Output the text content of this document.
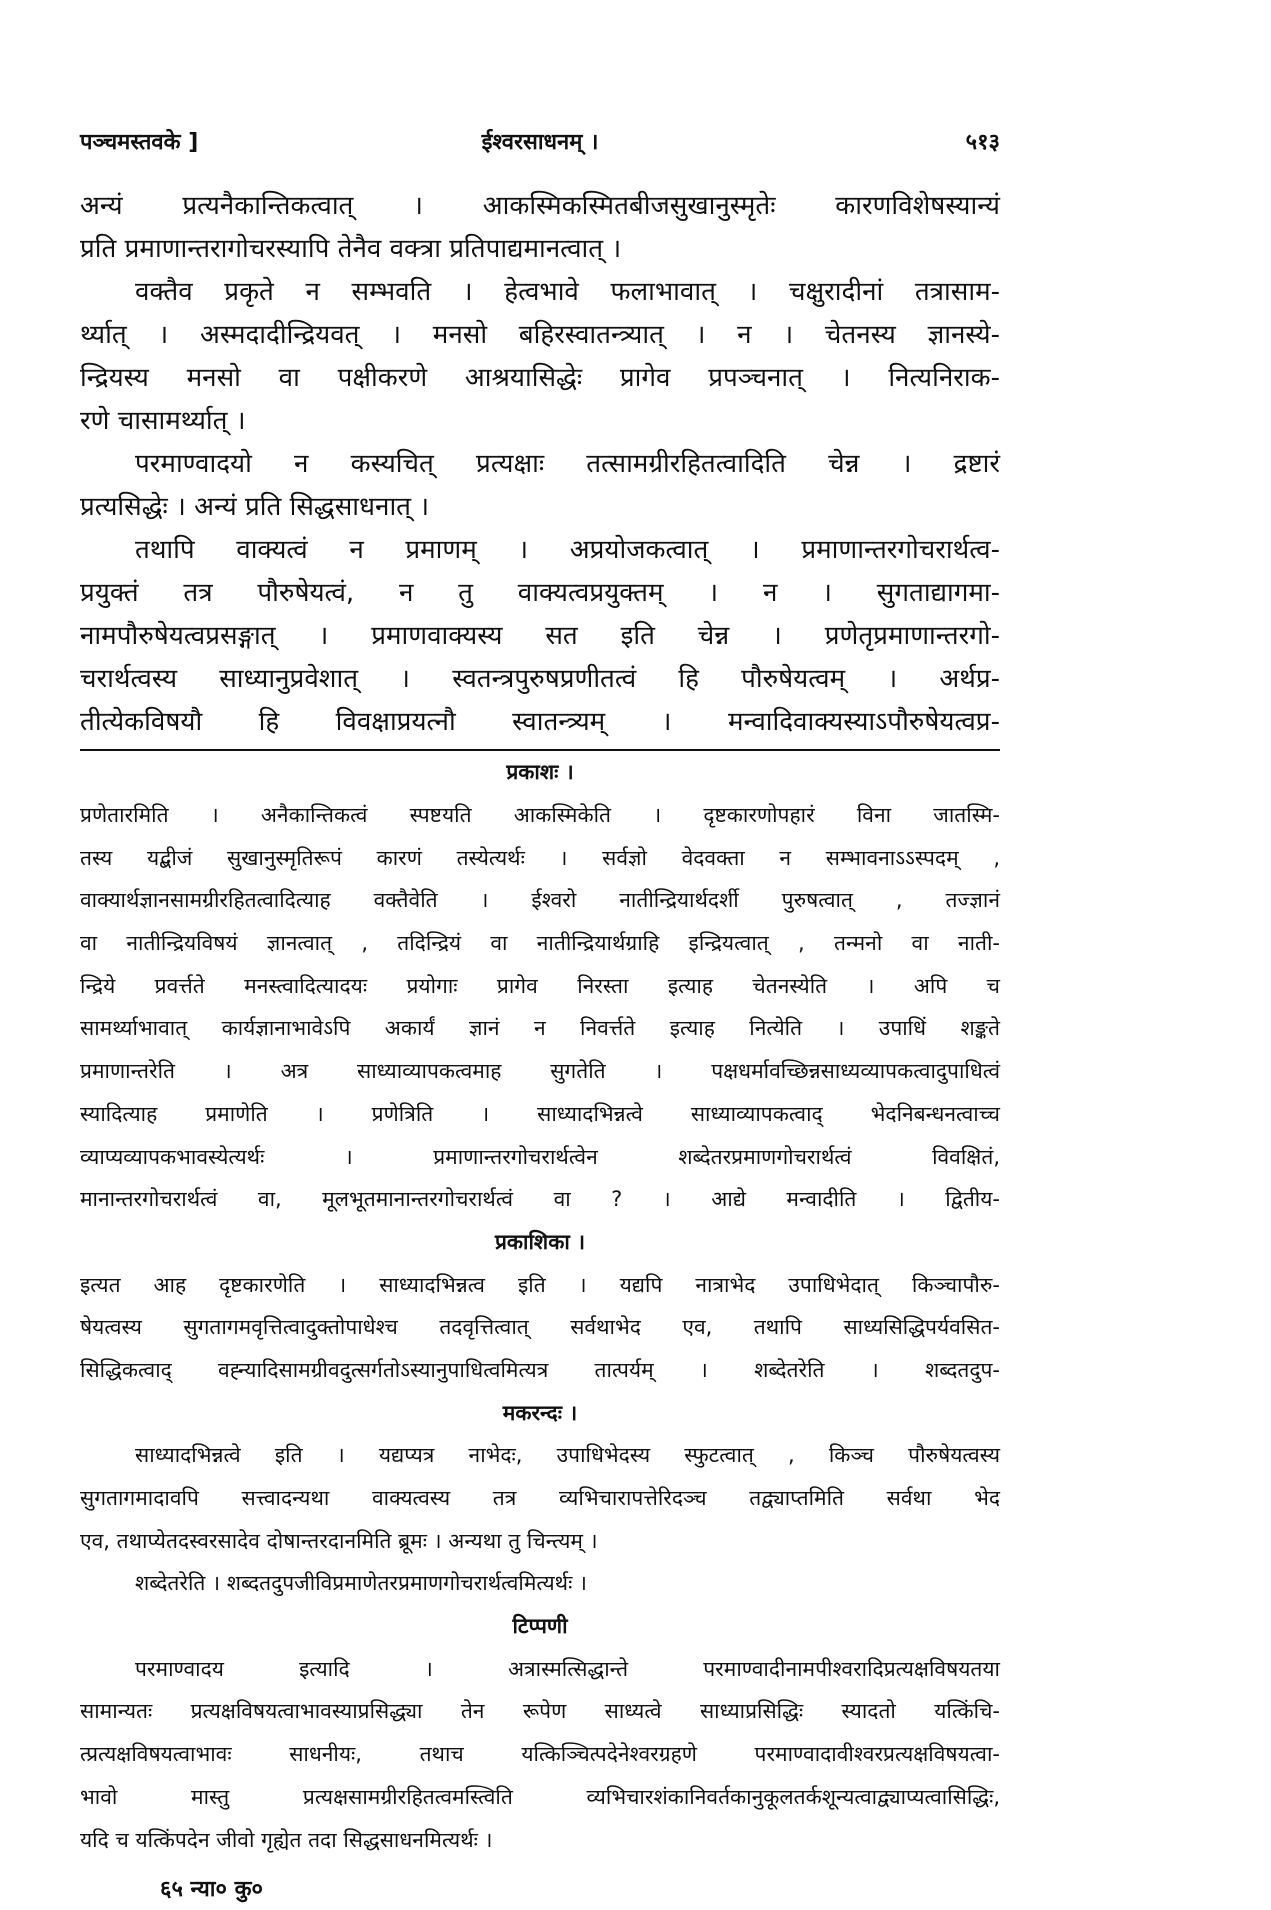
पञ्चमस्तवके ]	ईश्वरसाधनम् ।	५१३
अन्यं प्रत्यनैकान्तिकत्वात् । आकस्मिकस्मितबीजसुखानुस्मृतेः कारणविशेषस्यान्यं
प्रति प्रमाणान्तरागोचरस्यापि तेनैव वक्त्रा प्रतिपाद्यमानत्वात् ।
वक्तैव प्रकृते न सम्भवति । हेत्वभावे फलाभावात् । चक्षुरादीनां तत्रासाम-
र्थ्यात् । अस्मदादीन्द्रियवत् । मनसो बहिरस्वातन्त्र्यात् । न । चेतनस्य ज्ञानस्ये-
न्द्रियस्य मनसो वा पक्षीकरणे आश्रयासिद्धेः प्रागेव प्रपञ्चनात् । नित्यनिराक-
रणे चासामर्थ्यात् ।
परमाण्वादयो न कस्यचित् प्रत्यक्षाः तत्सामग्रीरहितत्वादिति चेन्न । द्रष्टारं
प्रत्यसिद्धेः । अन्यं प्रति सिद्धसाधनात् ।
तथापि वाक्यत्वं न प्रमाणम् । अप्रयोजकत्वात् । प्रमाणान्तरगोचरार्थत्व-
प्रयुक्तं तत्र पौरुषेयत्वं, न तु वाक्यत्वप्रयुक्तम् । न । सुगताद्यागमा-
नामपौरुषेयत्वप्रसङ्गात् । प्रमाणवाक्यस्य सत इति चेन्न । प्रणेतृप्रमाणान्तरगो-
चरार्थत्वस्य साध्यानुप्रवेशात् । स्वतन्त्रपुरुषप्रणीतत्वं हि पौरुषेयत्वम् । अर्थप्र-
तीत्येकविषयौ हि विवक्षाप्रयत्नौ स्वातन्त्र्यम् । मन्वादिवाक्यस्याऽपौरुषेयत्वप्र-
प्रकाशः ।
प्रणेतारमिति । अनैकान्तिकत्वं स्पष्टयति आकस्मिकेति । दृष्टकारणोपहारं विना जातस्मि-
तस्य यद्बीजं सुखानुस्मृतिरूपं कारणं तस्येत्यर्थः । सर्वज्ञो वेदवक्ता न सम्भावनाऽऽस्पदम् ,
वाक्यार्थज्ञानसामग्रीरहितत्वादित्याह वक्तैवेति । ईश्वरो नातीन्द्रियार्थदर्शी पुरुषत्वात् , तज्ज्ञानं
वा नातीन्द्रियविषयं ज्ञानत्वात् , तदिन्द्रियं वा नातीन्द्रियार्थग्राहि इन्द्रियत्वात् , तन्मनो वा नाती-
न्द्रिये प्रवर्त्तते मनस्त्वादित्यादयः प्रयोगाः प्रागेव निरस्ता इत्याह चेतनस्येति । अपि च
सामर्थ्याभावात् कार्यज्ञानाभावेऽपि अकार्यं ज्ञानं न निवर्त्तते इत्याह नित्येति । उपाधिं शङ्कते
प्रमाणान्तरेति । अत्र साध्याव्यापकत्वमाह सुगतेति । पक्षधर्मावच्छिन्नसाध्यव्यापकत्वादुपाधित्वं
स्यादित्याह प्रमाणेति । प्रणेत्रिति । साध्यादभिन्नत्वे साध्याव्यापकत्वाद् भेदनिबन्धनत्वाच्च
व्याप्यव्यापकभावस्येत्यर्थः । प्रमाणान्तरगोचरार्थत्वेन शब्देतरप्रमाणगोचरार्थत्वं विवक्षितं,
मानान्तरगोचरार्थत्वं वा, मूलभूतमानान्तरगोचरार्थत्वं वा ? । आद्ये मन्वादीति । द्वितीय-
प्रकाशिका ।
इत्यत आह दृष्टकारणेति । साध्यादभिन्नत्व इति । यद्यपि नात्राभेद उपाधिभेदात् किञ्चापौरु-
षेयत्वस्य सुगतागमवृत्तित्वादुक्तोपाधेश्च तदवृत्तित्वात् सर्वथाभेद एव, तथापि साध्यसिद्धिपर्यवसित-
सिद्धिकत्वाद् वह्न्यादिसामग्रीवदुत्सर्गतोऽस्यानुपाधित्वमित्यत्र तात्पर्यम् । शब्देतरेति । शब्दतदुप-
मकरन्दः ।
साध्यादभिन्नत्वे इति । यद्यप्यत्र नाभेदः, उपाधिभेदस्य स्फुटत्वात् , किञ्च पौरुषेयत्वस्य
सुगतागमादावपि सत्त्वादन्यथा वाक्यत्वस्य तत्र व्यभिचारापत्तेरिदञ्च तद्व्याप्तमिति सर्वथा भेद
एव, तथाप्येतदस्वरसादेव दोषान्तरदानमिति ब्रूमः । अन्यथा तु चिन्त्यम् ।
शब्देतरेति । शब्दतदुपजीविप्रमाणेतरप्रमाणगोचरार्थत्वमित्यर्थः ।
टिप्पणी
परमाण्वादय इत्यादि । अत्रास्मत्सिद्धान्ते परमाण्वादीनामपीश्वरादिप्रत्यक्षविषयतया
सामान्यतः प्रत्यक्षविषयत्वाभावस्याप्रसिद्ध्या तेन रूपेण साध्यत्वे साध्याप्रसिद्धिः स्यादतो यत्किंचि-
त्प्रत्यक्षविषयत्वाभावः साधनीयः, तथाच यत्किञ्चित्पदेनेश्वरग्रहणे परमाण्वादावीश्वरप्रत्यक्षविषयत्वा-
भावो मास्तु प्रत्यक्षसामग्रीरहितत्वमस्त्विति व्यभिचारशंकानिवर्तकानुकूलतर्कशून्यत्वाद्व्याप्यत्वासिद्धिः,
यदि च यत्किंपदेन जीवो गृह्येत तदा सिद्धसाधनमित्यर्थः ।
६५ न्या० कु०
